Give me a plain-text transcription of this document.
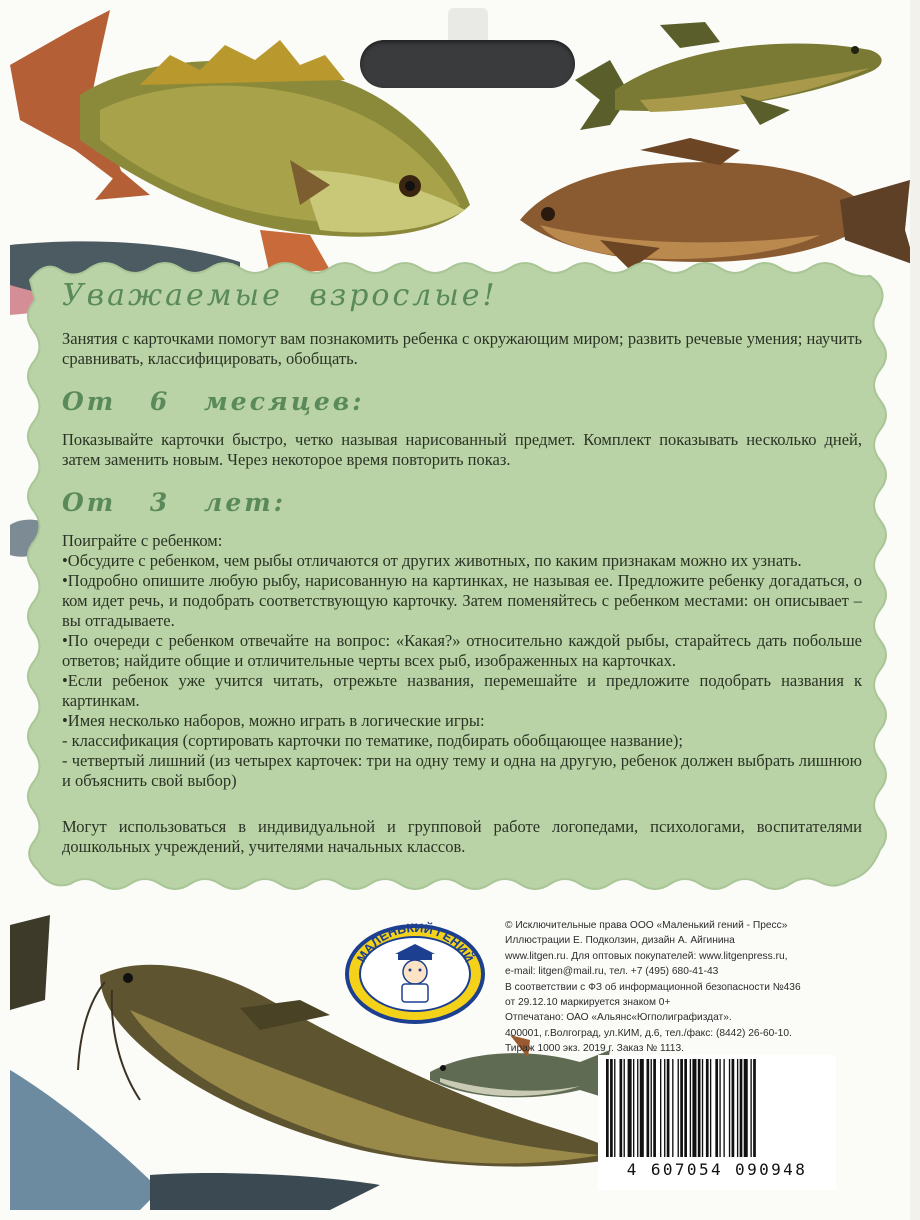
Уважаемые взрослые!

Занятия с карточками помогут вам познакомить ребенка с окружающим миром; развить речевые умения; научить сравнивать, классифицировать, обобщать.

От 6 месяцев:

Показывайте карточки быстро, четко называя нарисованный предмет. Комплект показывать несколько дней, затем заменить новым. Через некоторое время повторить показ.

От 3 лет:

Поиграйте с ребенком:

•Обсудите с ребенком, чем рыбы отличаются от других животных, по каким признакам можно их узнать.

•Подробно опишите любую рыбу, нарисованную на картинках, не называя ее. Предложите ребенку догадаться, о ком идет речь, и подобрать соответствующую карточку. Затем поменяйтесь с ребенком местами: он описывает – вы отгадываете.

•По очереди с ребенком отвечайте на вопрос: «Какая?» относительно каждой рыбы, старайтесь дать побольше ответов; найдите общие и отличительные черты всех рыб, изображенных на карточках.

•Если ребенок уже учится читать, отрежьте названия, перемешайте и предложите подобрать названия к картинкам.

•Имея несколько наборов, можно играть в логические игры:

- классификация (сортировать карточки по тематике, подбирать обобщающее название);

- четвертый лишний (из четырех карточек: три на одну тему и одна на другую, ребенок должен выбрать лишнюю и объяснить свой выбор)

Могут использоваться в индивидуальной и групповой работе логопедами, психологами, воспитателями дошкольных учреждений, учителями начальных классов.

МАЛЕНЬКИЙ ГЕНИЙ
© Исключительные права ООО «Маленький гений - Пресс»
Иллюстрации Е. Подколзин, дизайн А. Айгинина
www.litgen.ru. Для оптовых покупателей: www.litgenpress.ru,
e-mail: litgen@mail.ru, тел. +7 (495) 680-41-43
В соответствии с ФЗ об информационной безопасности №436
от 29.12.10 маркируется знаком 0+
Отпечатано: ОАО «Альянс«Югполиграфиздат».
400001, г.Волгоград, ул.КИМ, д.6, тел./факс: (8442) 26-60-10.
Тираж 1000 экз. 2019 г. Заказ № 1113.
4 607054 090948
